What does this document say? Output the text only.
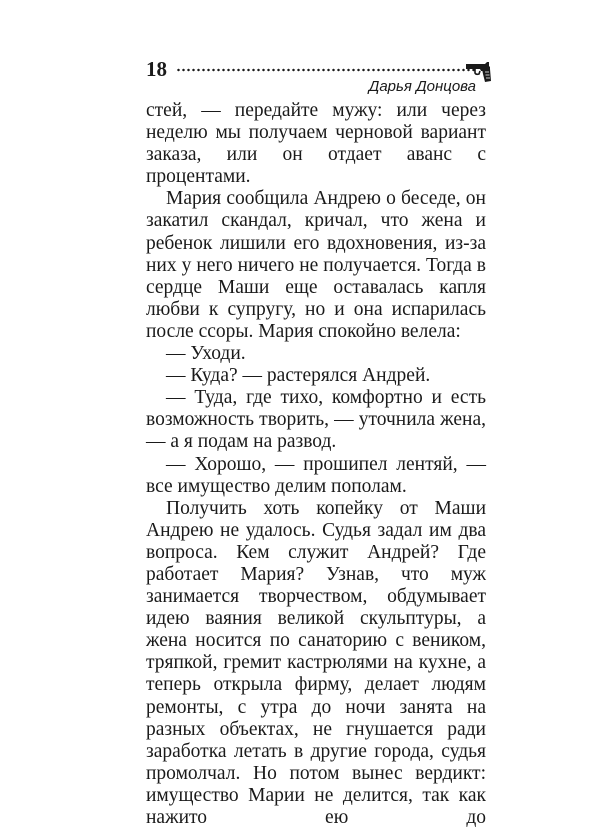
18
Дарья Донцова

стей, — передайте мужу: или через неделю мы получаем черновой вариант заказа, или он отдает аванс с процентами.

Мария сообщила Андрею о беседе, он закатил скандал, кричал, что жена и ребенок лишили его вдохновения, из-за них у него ничего не получается. Тогда в сердце Маши еще оставалась капля любви к супругу, но и она испарилась после ссоры. Мария спокойно велела:

— Уходи.

— Куда? — растерялся Андрей.

— Туда, где тихо, комфортно и есть возможность творить, — уточнила жена, — а я подам на развод.

— Хорошо, — прошипел лентяй, — все имущество делим пополам.

Получить хоть копейку от Маши Андрею не удалось. Судья задал им два вопроса. Кем служит Андрей? Где работает Мария? Узнав, что муж занимается творчеством, обдумывает идею ваяния великой скульптуры, а жена носится по санаторию с веником, тряпкой, гремит кастрюлями на кухне, а теперь открыла фирму, делает людям ремонты, с утра до ночи занята на разных объектах, не гнушается ради заработка летать в другие города, судья промолчал. Но потом вынес вердикт: имущество Марии не делится, так как нажито ею до
